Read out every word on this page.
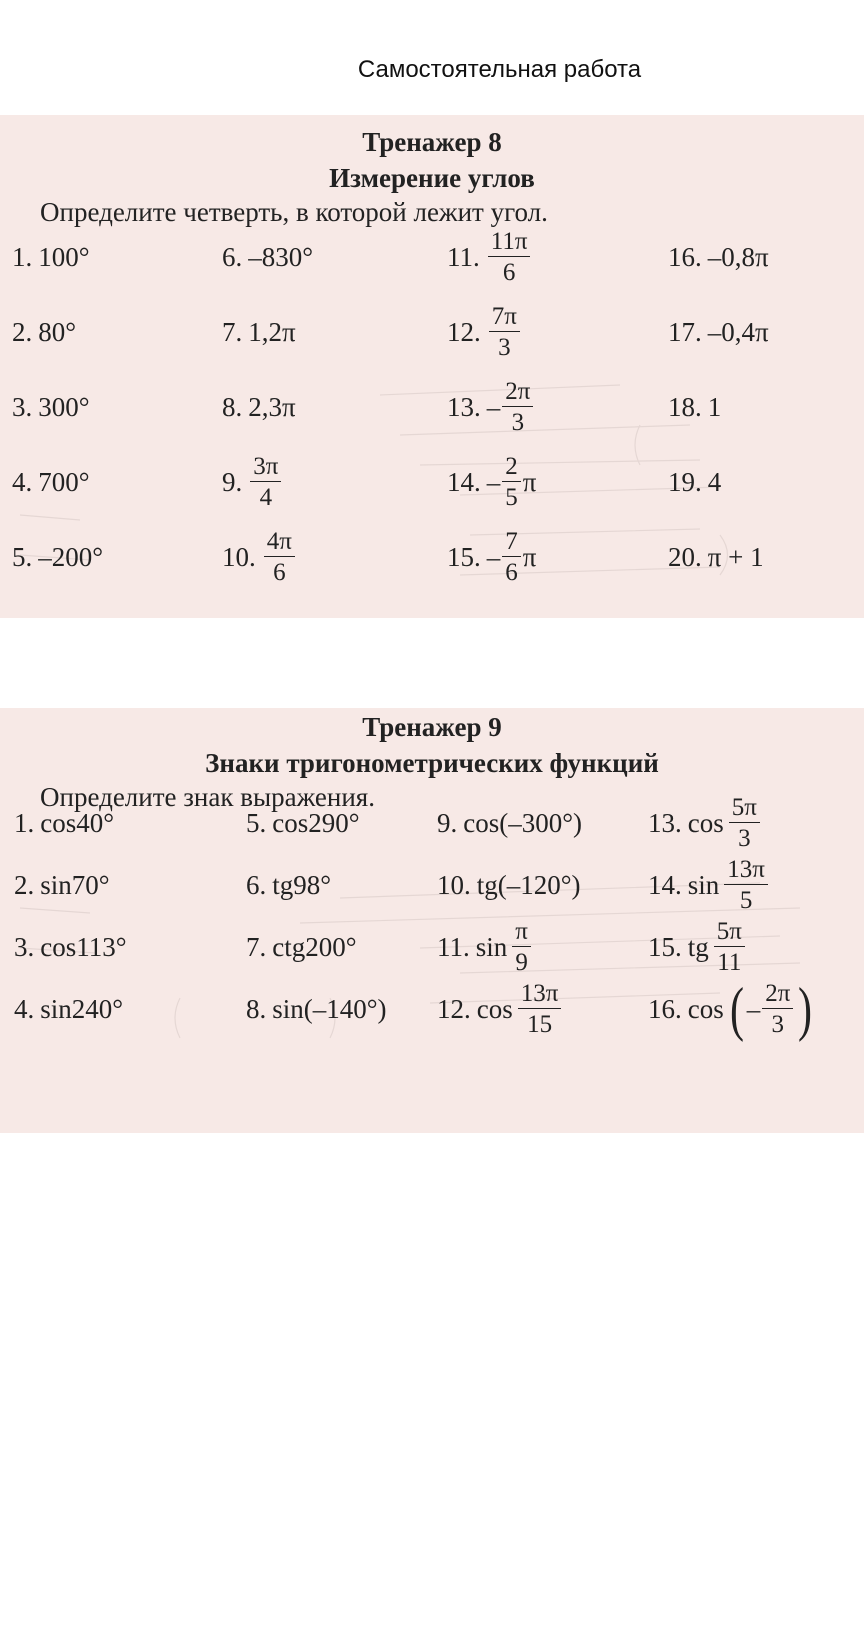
Самостоятельная работа
Тренажер 8
Измерение углов
Определите четверть, в которой лежит угол.
1. 100°
2. 80°
3. 300°
4. 700°
5. –200°
6. –830°
7. 1,2π
8. 2,3π
9. $\frac{3\pi}{4}$
10. $\frac{4\pi}{6}$
11. $\frac{11\pi}{6}$
12. $\frac{7\pi}{3}$
13. – $\frac{2\pi}{3}$
14. – $\frac{2}{5}$ π
15. – $\frac{7}{6}$ π
16. –0,8π
17. –0,4π
18. 1
19. 4
20. π + 1
Тренажер 9
Знаки тригонометрических функций
Определите знак выражения.
1. cos40°
2. sin70°
3. cos113°
4. sin240°
5. cos290°
6. tg98°
7. ctg200°
8. sin(–140°)
9. cos(–300°)
10. tg(–120°)
11. $\sin \frac{\pi}{9}$
12. $\cos \frac{13\pi}{15}$
13. $\cos \frac{5\pi}{3}$
14. $\sin \frac{13\pi}{5}$
15. tg $\frac{5\pi}{11}$
16. cos ( – $\frac{2\pi}{3}$ )
